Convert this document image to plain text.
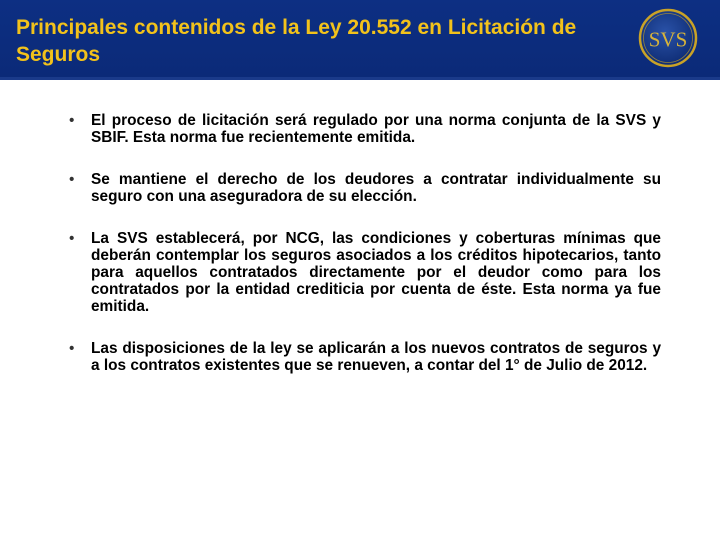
Principales contenidos de la Ley 20.552 en Licitación de Seguros
SVS
• El proceso de licitación será regulado por una norma conjunta de la SVS y SBIF. Esta norma fue recientemente emitida.
• Se mantiene el derecho de los deudores a contratar individualmente su seguro con una aseguradora de su elección.
• La SVS establecerá, por NCG, las condiciones y coberturas mínimas que deberán contemplar los seguros asociados a los créditos hipotecarios, tanto para aquellos contratados directamente por el deudor como para los contratados por la entidad crediticia por cuenta de éste. Esta norma ya fue emitida.
• Las disposiciones de la ley se aplicarán a los nuevos contratos de seguros y a los contratos existentes que se renueven, a contar del 1° de Julio de 2012.
